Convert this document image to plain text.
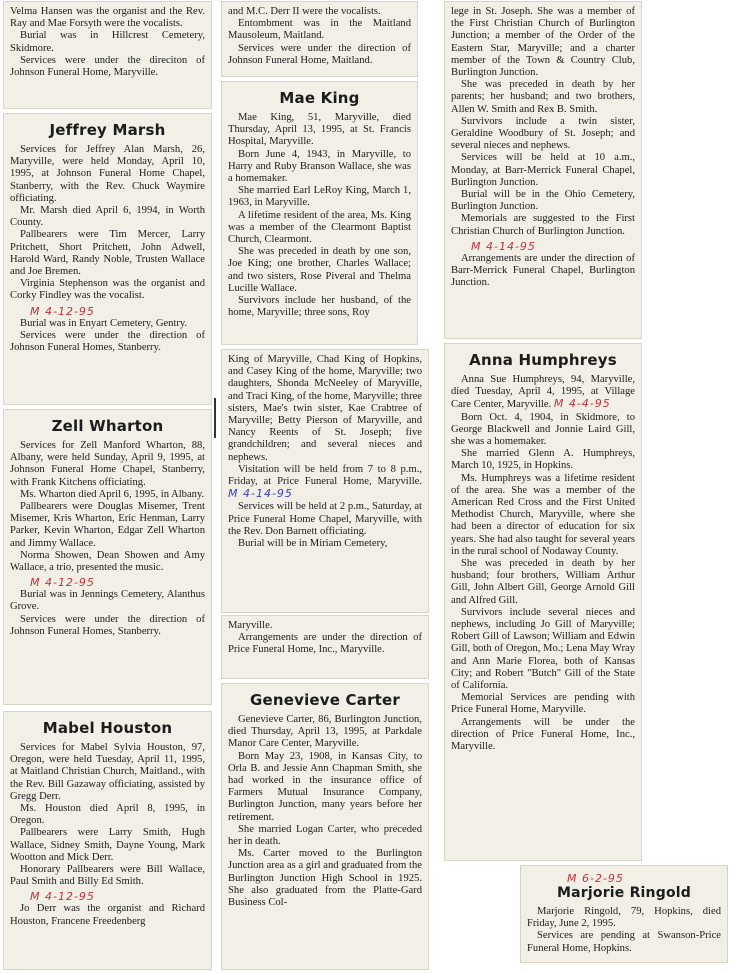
Velma Hansen was the organist and the Rev. Ray and Mae Forsyth were the vocalists.

Burial was in Hillcrest Cemetery, Skidmore.

Services were under the direciton of Johnson Funeral Home, Maryville.

Jeffrey Marsh

Services for Jeffrey Alan Marsh, 26, Maryville, were held Monday, April 10, 1995, at Johnson Funeral Home Chapel, Stanberry, with the Rev. Chuck Waymire officiating.

Mr. Marsh died April 6, 1994, in Worth County.

Pallbearers were Tim Mercer, Larry Pritchett, Short Pritchett, John Adwell, Harold Ward, Randy Noble, Trusten Wallace and Joe Bremen.

Virginia Stephenson was the organist and Corky Findley was the vocalist.

M 4-12-95

Burial was in Enyart Cemetery, Gentry.

Services were under the direction of Johnson Funeral Homes, Stanberry.

Zell Wharton

Services for Zell Manford Wharton, 88, Albany, were held Sunday, April 9, 1995, at Johnson Funeral Home Chapel, Stanberry, with Frank Kitchens officiating.

Ms. Wharton died April 6, 1995, in Albany.

Pallbearers were Douglas Misemer, Trent Misemer, Kris Wharton, Eric Henman, Larry Parker, Kevin Wharton, Edgar Zell Wharton and Jimmy Wallace.

Norma Showen, Dean Showen and Amy Wallace, a trio, presented the music.

M 4-12-95

Burial was in Jennings Cemetery, Alanthus Grove.

Services were under the direction of Johnson Funeral Homes, Stanberry.

Mabel Houston

Services for Mabel Sylvia Houston, 97, Oregon, were held Tuesday, April 11, 1995, at Maitland Christian Church, Maitland., with the Rev. Bill Gazaway officiating, assisted by Gregg Derr.

Ms. Houston died April 8, 1995, in Oregon.

Pallbearers were Larry Smith, Hugh Wallace, Sidney Smith, Dayne Young, Mark Wootton and Mick Derr.

Honorary Pallbearers were Bill Wallace, Paul Smith and Billy Ed Smith.

M 4-12-95

Jo Derr was the organist and Richard Houston, Francene Freedenberg

and M.C. Derr II were the vocalists.

Entombment was in the Maitland Mausoleum, Maitland.

Services were under the direction of Johnson Funeral Home, Maitland.

Mae King

Mae King, 51, Maryville, died Thursday, April 13, 1995, at St. Francis Hospital, Maryville.

Born June 4, 1943, in Maryville, to Harry and Ruby Branson Wallace, she was a homemaker.

She married Earl LeRoy King, March 1, 1963, in Maryville.

A lifetime resident of the area, Ms. King was a member of the Clearmont Baptist Church, Clearmont.

She was preceded in death by one son, Joe King; one brother, Charles Wallace; and two sisters, Rose Piveral and Thelma Lucille Wallace.

Survivors include her husband, of the home, Maryville; three sons, Roy

King of Maryville, Chad King of Hopkins, and Casey King of the home, Maryville; two daughters, Shonda McNeeley of Maryville, and Traci King, of the home, Maryville; three sisters, Mae's twin sister, Kae Crabtree of Maryville; Betty Pierson of Maryville, and Nancy Reents of St. Joseph; five grandchildren; and several nieces and nephews.

Visitation will be held from 7 to 8 p.m., Friday, at Price Funeral Home, Maryville. M 4-14-95

Services will be held at 2 p.m., Saturday, at Price Funeral Home Chapel, Maryville, with the Rev. Don Barnett officiating.

Burial will be in Miriam Cemetery,

Maryville.

Arrangements are under the direction of Price Funeral Home, Inc., Maryville.

Genevieve Carter

Genevieve Carter, 86, Burlington Junction, died Thursday, April 13, 1995, at Parkdale Manor Care Center, Maryville.

Born May 23, 1908, in Kansas City, to Orla B. and Jessie Ann Chapman Smith, she had worked in the insurance office of Farmers Mutual Insurance Company, Burlington Junction, many years before her retirement.

She married Logan Carter, who preceded her in death.

Ms. Carter moved to the Burlington Junction area as a girl and graduated from the Burlington Junction High School in 1925. She also graduated from the Platte-Gard Business Col-

lege in St. Joseph. She was a member of the First Christian Church of Burlington Junction; a member of the Order of the Eastern Star, Maryville; and a charter member of the Town & Country Club, Burlington Junction.

She was preceded in death by her parents; her husband; and two brothers, Allen W. Smith and Rex B. Smith.

Survivors include a twin sister, Geraldine Woodbury of St. Joseph; and several nieces and nephews.

Services will be held at 10 a.m., Monday, at Barr-Merrick Funeral Chapel, Burlington Junction.

Burial will be in the Ohio Cemetery, Burlington Junction.

Memorials are suggested to the First Christian Church of Burlington Junction.

M 4-14-95

Arrangements are under the direction of Barr-Merrick Funeral Chapel, Burlington Junction.

Anna Humphreys

Anna Sue Humphreys, 94, Maryville, died Tuesday, April 4, 1995, at Village Care Center, Maryville. M 4-4-95

Born Oct. 4, 1904, in Skidmore, to George Blackwell and Jonnie Laird Gill, she was a homemaker.

She married Glenn A. Humphreys, March 10, 1925, in Hopkins.

Ms. Humphreys was a lifetime resident of the area. She was a member of the American Red Cross and the First United Methodist Church, Maryville, where she had been a director of education for six years. She had also taught for several years in the rural school of Nodaway County.

She was preceded in death by her husband; four brothers, William Arthur Gill, John Albert Gill, George Arnold Gill and Alfred Gill.

Survivors include several nieces and nephews, including Jo Gill of Maryville; Robert Gill of Lawson; William and Edwin Gill, both of Oregon, Mo.; Lena May Wray and Ann Marie Florea, both of Kansas City; and Robert "Butch" Gill of the State of California.

Memorial Services are pending with Price Funeral Home, Maryville.

Arrangements will be under the direction of Price Funeral Home, Inc., Maryville.

M 6-2-95
Marjorie Ringold

Marjorie Ringold, 79, Hopkins, died Friday, June 2, 1995.

Services are pending at Swanson-Price Funeral Home, Hopkins.
